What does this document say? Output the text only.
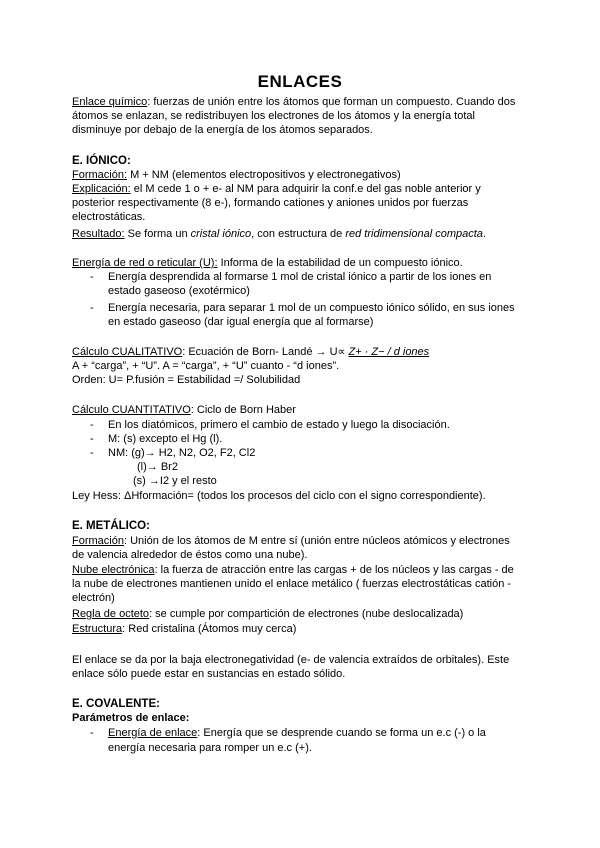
ENLACES
Enlace químico: fuerzas de unión entre los átomos que forman un compuesto. Cuando dos
átomos se enlazan, se redistribuyen los electrones de los átomos y la energía total
disminuye por debajo de la energía de los átomos separados.
E. IÓNICO:
Formación: M + NM (elementos electropositivos y electronegativos)
Explicación: el M cede 1 o + e- al NM para adquirir la conf.e del gas noble anterior y
posterior respectivamente (8 e-), formando cationes y aniones unidos por fuerzas
electrostáticas.
Resultado: Se forma un cristal iónico, con estructura de red tridimensional compacta.
Energía de red o reticular (U): Informa de la estabilidad de un compuesto iónico.
- Energía desprendida al formarse 1 mol de cristal iónico a partir de los iones en
estado gaseoso (exotérmico)
- Energía necesaria, para separar 1 mol de un compuesto iónico sólido, en sus iones
en estado gaseoso (dar igual energía que al formarse)
Cálculo CUALITATIVO: Ecuación de Born- Landé → U∝ Z+ · Z− / d iones
A + “carga”, + “U”. A = “carga”, + “U” cuanto - “d iones”.
Orden: U= P.fusión = Estabilidad =/ Solubilidad
Cálculo CUANTITATIVO: Ciclo de Born Haber
- En los diatómicos, primero el cambio de estado y luego la disociación.
- M: (s) excepto el Hg (l).
- NM: (g)→ H2, N2, O2, F2, Cl2
(l)→ Br2
(s) →I2 y el resto
Ley Hess: ΔHformación= (todos los procesos del ciclo con el signo correspondiente).
E. METÁLICO:
Formación: Unión de los átomos de M entre sí (unión entre núcleos atómicos y electrones
de valencia alrededor de éstos como una nube).
Nube electrónica: la fuerza de atracción entre las cargas + de los núcleos y las cargas - de
la nube de electrones mantienen unido el enlace metálico ( fuerzas electrostáticas catión -
electrón)
Regla de octeto: se cumple por compartición de electrones (nube deslocalizada)
Estructura: Red cristalina (Átomos muy cerca)
El enlace se da por la baja electronegatividad (e- de valencia extraídos de orbitales). Este
enlace sólo puede estar en sustancias en estado sólido.
E. COVALENTE:
Parámetros de enlace:
- Energía de enlace: Energía que se desprende cuando se forma un e.c (-) o la
energía necesaria para romper un e.c (+).
